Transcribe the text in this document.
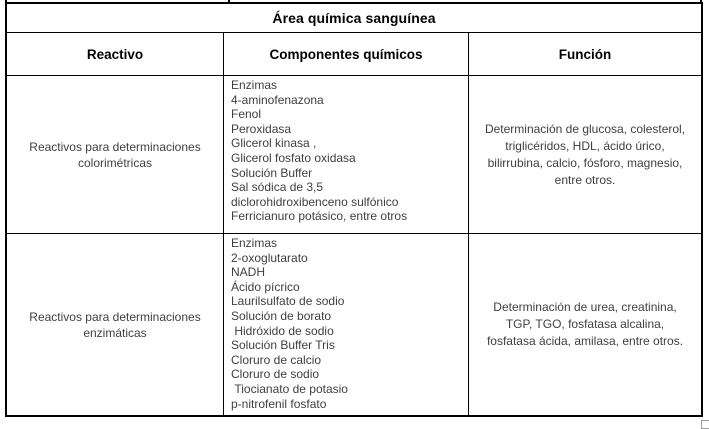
Área química sanguínea
Reactivo	Componentes químicos	Función
Reactivos para determinaciones colorimétricas
Enzimas
4-aminofenazona
Fenol
Peroxidasa
Glicerol kinasa ,
Glicerol fosfato oxidasa
Solución Buffer
Sal sódica de 3,5
diclorohidroxibenceno sulfónico
Ferricianuro potásico, entre otros
Determinación de glucosa, colesterol, triglicéridos, HDL, ácido úrico, bilirrubina, calcio, fósforo, magnesio, entre otros.
Reactivos para determinaciones enzimáticas
Enzimas
2-oxoglutarato
NADH
Ácido pícrico
Laurilsulfato de sodio
Solución de borato
Hidróxido de sodio
Solución Buffer Tris
Cloruro de calcio
Cloruro de sodio
Tiocianato de potasio
p-nitrofenil fosfato
Determinación de urea, creatinina, TGP, TGO, fosfatasa alcalina, fosfatasa ácida, amilasa, entre otros.
